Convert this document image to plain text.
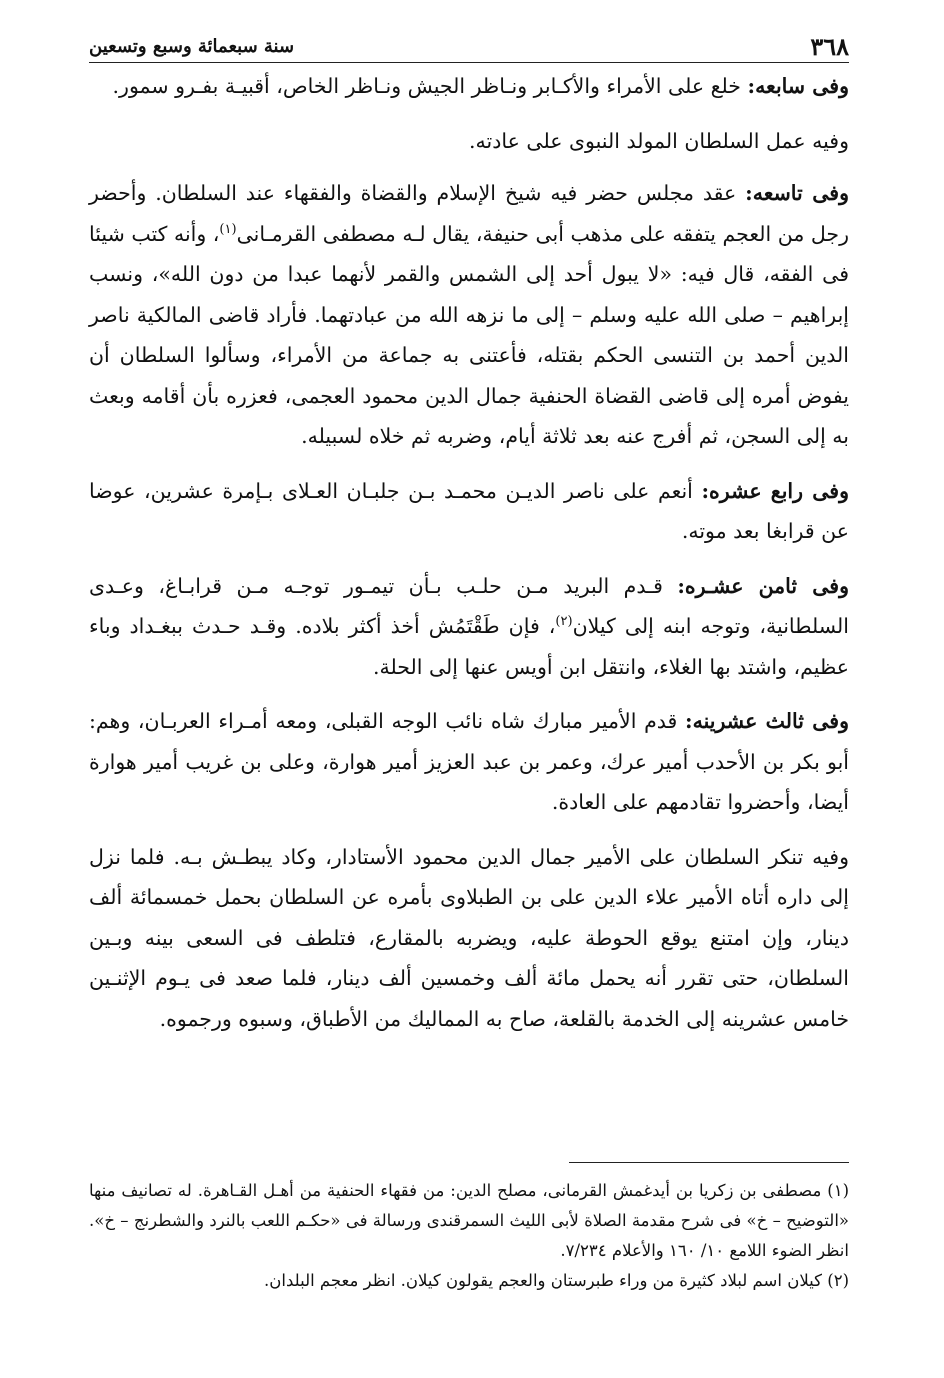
٣٦٨
سنة سبعمائة وسبع وتسعين

وفى سابعه: خلع على الأمراء والأكـابر ونـاظر الجيش ونـاظر الخاص، أقبيـة بفـرو سمور.

وفيه عمل السلطان المولد النبوى على عادته.

وفى تاسعه: عقد مجلس حضر فيه شيخ الإسلام والقضاة والفقهاء عند السلطان. وأحضر رجل من العجم يتفقه على مذهب أبى حنيفة، يقال لـه مصطفى القرمـانى$^{(١)}$، وأنه كتب شيئا فى الفقه، قال فيه: «لا يبول أحد إلى الشمس والقمر لأنهما عبدا من دون الله»، ونسب إبراهيم – صلى الله عليه وسلم – إلى ما نزهه الله من عبادتهما. فأراد قاضى المالكية ناصر الدين أحمد بن التنسى الحكم بقتله، فأعتنى به جماعة من الأمراء، وسألوا السلطان أن يفوض أمره إلى قاضى القضاة الحنفية جمال الدين محمود العجمى، فعزره بأن أقامه وبعث به إلى السجن، ثم أفرج عنه بعد ثلاثة أيام، وضربه ثم خلاه لسبيله.

وفى رابع عشره: أنعم على ناصر الديـن محمـد بـن جلبـان العـلاى بـإمرة عشرين، عوضا عن قرابغا بعد موته.

وفى ثامن عشـره: قـدم البريد مـن حلـب بـأن تيمـور توجـه مـن قرابـاغ، وعـدى السلطانية، وتوجه ابنه إلى كيلان$^{(٢)}$، فإن طَقْتَمُش أخذ أكثر بلاده. وقـد حـدث ببغـداد وباء عظيم، واشتد بها الغلاء، وانتقل ابن أويس عنها إلى الحلة.

وفى ثالث عشرينه: قدم الأمير مبارك شاه نائب الوجه القبلى، ومعه أمـراء العربـان، وهم: أبو بكر بن الأحدب أمير عرك، وعمر بن عبد العزيز أمير هوارة، وعلى بن غريب أمير هوارة أيضا، وأحضروا تقادمهم على العادة.

وفيه تنكر السلطان على الأمير جمال الدين محمود الأستادار، وكاد يبطـش بـه. فلما نزل إلى داره أتاه الأمير علاء الدين على بن الطبلاوى بأمره عن السلطان بحمل خمسمائة ألف دينار، وإن امتنع يوقع الحوطة عليه، ويضربه بالمقارع، فتلطف فى السعى بينه وبـين السلطان، حتى تقرر أنه يحمل مائة ألف وخمسين ألف دينار، فلما صعد فى يـوم الإثنـين خامس عشرينه إلى الخدمة بالقلعة، صاح به المماليك من الأطباق، وسبوه ورجموه.

(١) مصطفى بن زكريا بن أيدغمش القرمانى، مصلح الدين: من فقهاء الحنفية من أهـل القـاهرة. له تصانيف منها «التوضيح – خ» فى شرح مقدمة الصلاة لأبى الليث السمرقندى ورسالة فى «حكـم اللعب بالنرد والشطرنج – خ». انظر الضوء اللامع ١٠/ ١٦٠ والأعلام ٧/٢٣٤.

(٢) كيلان اسم لبلاد كثيرة من وراء طبرستان والعجم يقولون كيلان. انظر معجم البلدان.
